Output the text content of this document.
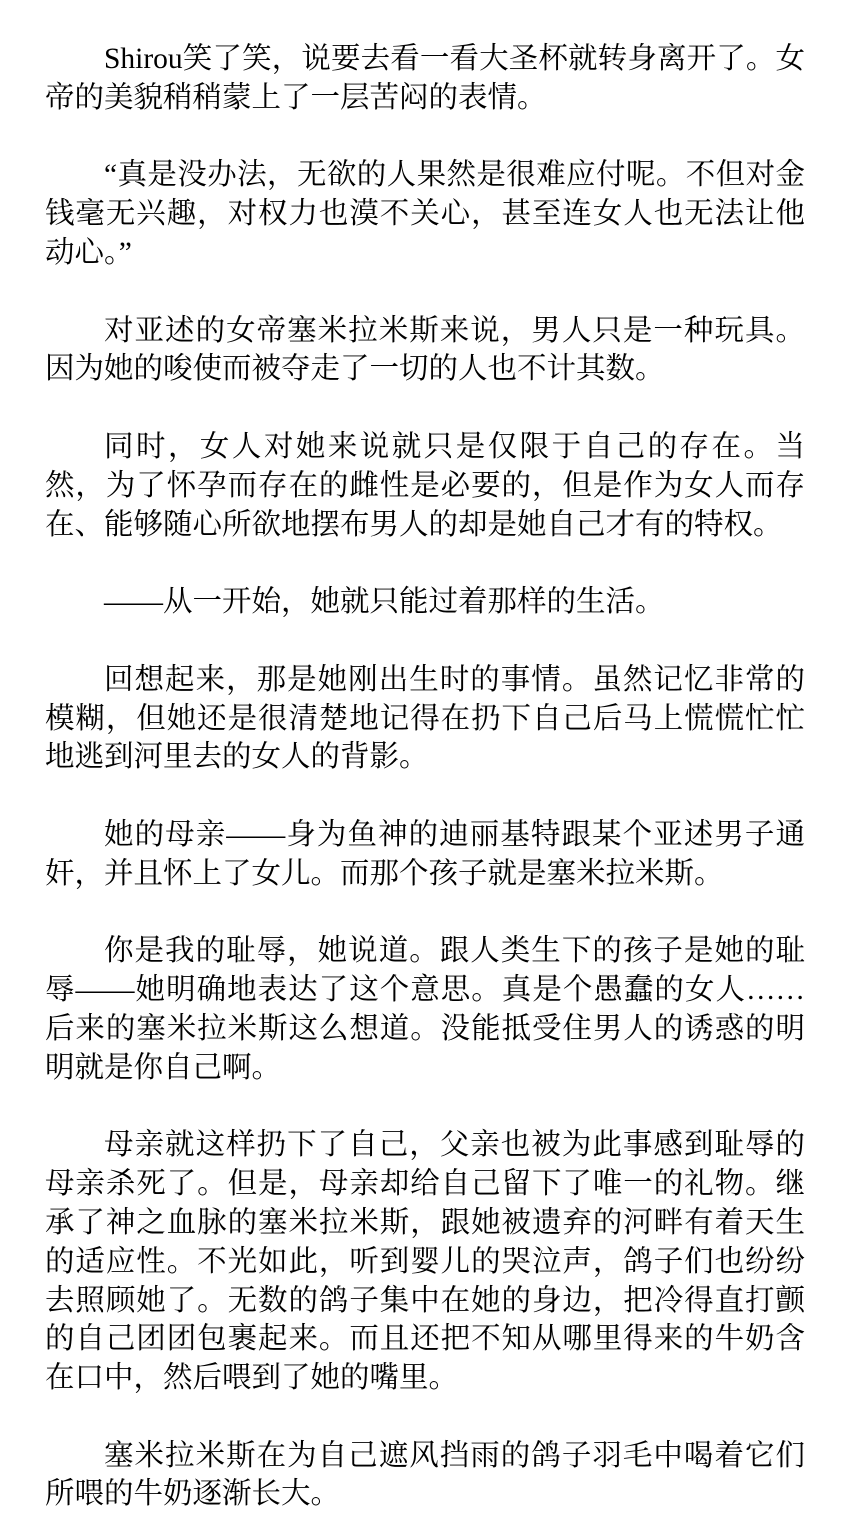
Shirou笑了笑，说要去看一看大圣杯就转身离开了。女帝的美貌稍稍蒙上了一层苦闷的表情。

“真是没办法，无欲的人果然是很难应付呢。不但对金钱毫无兴趣，对权力也漠不关心，甚至连女人也无法让他动心。”

对亚述的女帝塞米拉米斯来说，男人只是一种玩具。因为她的唆使而被夺走了一切的人也不计其数。

同时，女人对她来说就只是仅限于自己的存在。当然，为了怀孕而存在的雌性是必要的，但是作为女人而存在、能够随心所欲地摆布男人的却是她自己才有的特权。

——从一开始，她就只能过着那样的生活。

回想起来，那是她刚出生时的事情。虽然记忆非常的模糊，但她还是很清楚地记得在扔下自己后马上慌慌忙忙地逃到河里去的女人的背影。

她的母亲——身为鱼神的迪丽基特跟某个亚述男子通奸，并且怀上了女儿。而那个孩子就是塞米拉米斯。

你是我的耻辱，她说道。跟人类生下的孩子是她的耻辱——她明确地表达了这个意思。真是个愚蠢的女人……后来的塞米拉米斯这么想道。没能抵受住男人的诱惑的明明就是你自己啊。

母亲就这样扔下了自己，父亲也被为此事感到耻辱的母亲杀死了。但是，母亲却给自己留下了唯一的礼物。继承了神之血脉的塞米拉米斯，跟她被遗弃的河畔有着天生的适应性。不光如此，听到婴儿的哭泣声，鸽子们也纷纷去照顾她了。无数的鸽子集中在她的身边，把冷得直打颤的自己团团包裹起来。而且还把不知从哪里得来的牛奶含在口中，然后喂到了她的嘴里。

塞米拉米斯在为自己遮风挡雨的鸽子羽毛中喝着它们所喂的牛奶逐渐长大。
